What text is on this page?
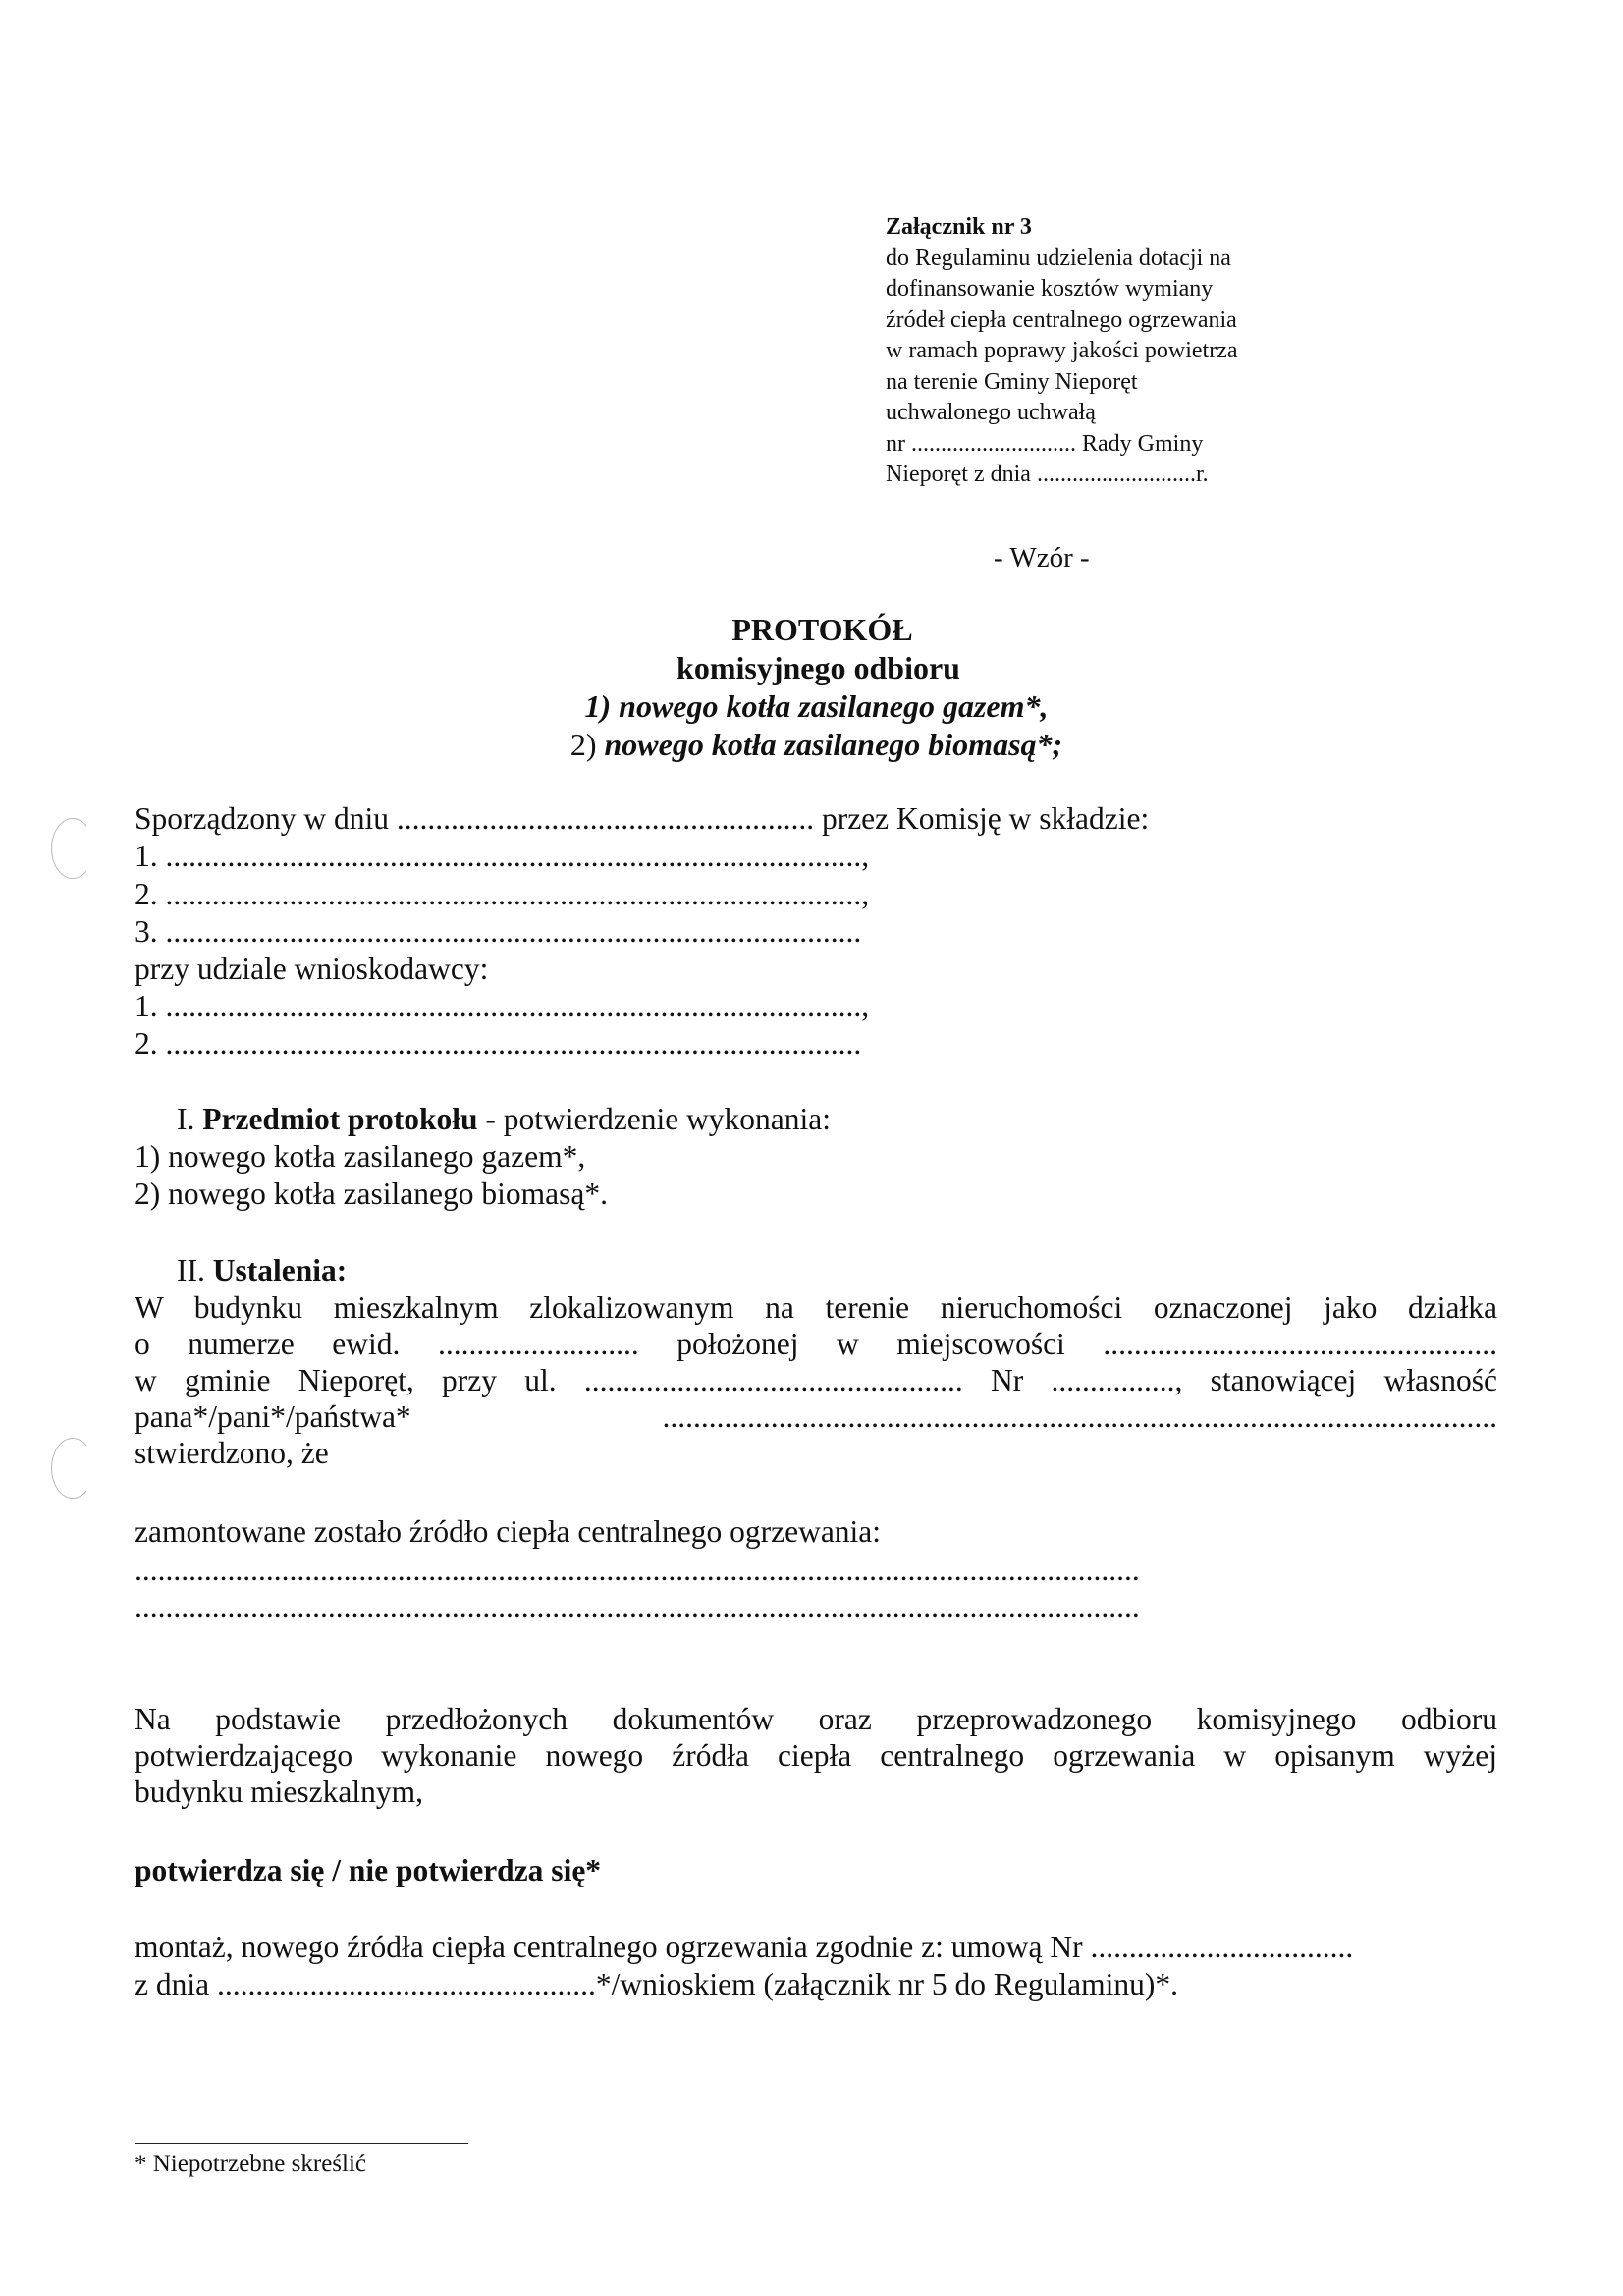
Załącznik nr 3
do Regulaminu udzielenia dotacji na
dofinansowanie kosztów wymiany
źródeł ciepła centralnego ogrzewania
w ramach poprawy jakości powietrza
na terenie Gminy Nieporęt
uchwalonego uchwałą
nr ............................ Rady Gminy
Nieporęt z dnia ...........................r.
- Wzór -
PROTOKÓŁ
komisyjnego odbioru
1) nowego kotła zasilanego gazem*,
2) nowego kotła zasilanego biomasą*;
Sporządzony w dniu ...................................................... przez Komisję w składzie:
1. ..........................................................................................,
2. ..........................................................................................,
3. ..........................................................................................
przy udziale wnioskodawcy:
1. ..........................................................................................,
2. ..........................................................................................
I. Przedmiot protokołu - potwierdzenie wykonania:
1) nowego kotła zasilanego gazem*,
2) nowego kotła zasilanego biomasą*.
II. Ustalenia:
W budynku mieszkalnym zlokalizowanym na terenie nieruchomości oznaczonej jako działka
o numerze ewid. .......................... położonej w miejscowości ...................................................
w gminie Nieporęt, przy ul. ................................................. Nr ................, stanowiącej własność
pana*/pani*/państwa* ............................................................................................................
stwierdzono, że
zamontowane zostało źródło ciepła centralnego ogrzewania:
..................................................................................................................................
..................................................................................................................................
Na podstawie przedłożonych dokumentów oraz przeprowadzonego komisyjnego odbioru
potwierdzającego wykonanie nowego źródła ciepła centralnego ogrzewania w opisanym wyżej
budynku mieszkalnym,
potwierdza się / nie potwierdza się*
montaż, nowego źródła ciepła centralnego ogrzewania zgodnie z: umową Nr ..................................
z dnia .................................................*/wnioskiem (załącznik nr 5 do Regulaminu)*.
* Niepotrzebne skreślić
